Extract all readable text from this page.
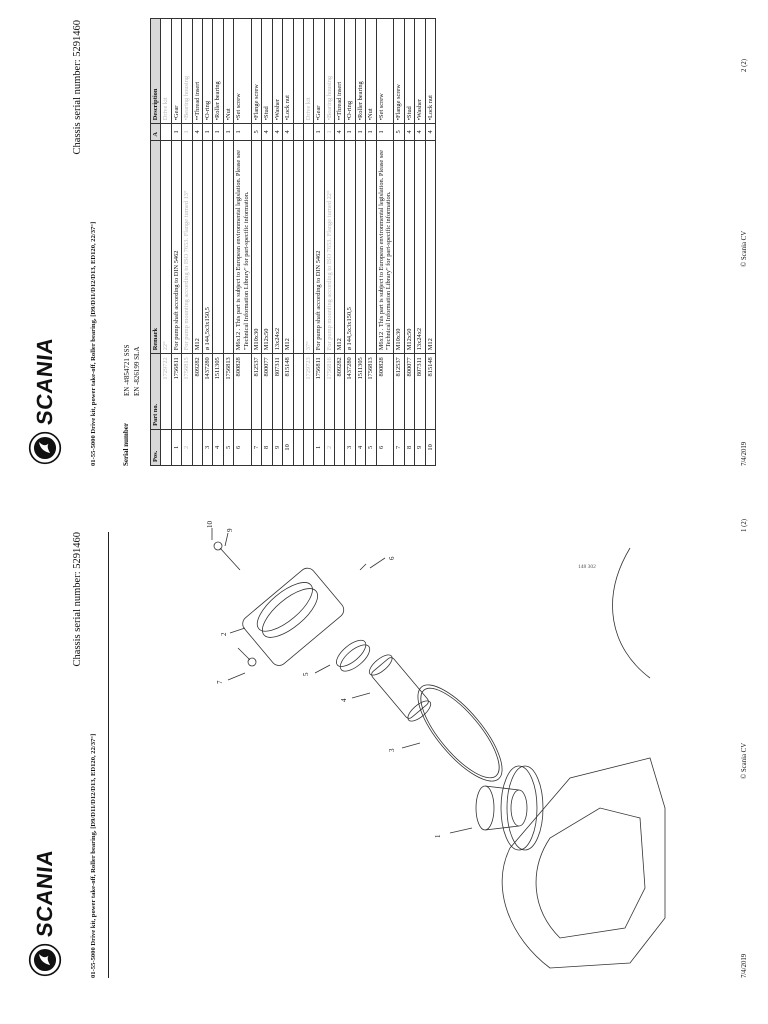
SCANIA
Chassis serial number: 5291460
01-55-5000 Drive kit, power take-off, Roller bearing, [D9/D11/D12/D13, ED120, 22/37°]	1
2
3
4
5
6
7
9
10
148 302
7/4/2019
© Scania CV
1 (2)
SCANIA
Chassis serial number: 5291460
01-55-5000 Drive kit, power take-off, Roller bearing, [D9/D11/D12/D13, ED120, 22/37°]	Serial number
EN -#854721 SSS EN -826199 SLA
Pos.	Part no.	Remark	A	Description
	1729722	22°		Drive kit
1	1756811	For pump shaft according to DIN 5462	1	•Gear
2	1756815	For pump mounting according to ISO 7653. Flange turned 13°	1	•Bearing housing
	809282	M12	4	••Thread insert
3	1437280	ø 144,5x3x150,5	1	•O-ring
4	1511305		1	•Roller bearing
5	1756813		1	•Nut
6	800828	M6x12 . This part is subject to European environmental legislation. Please see "Technical Information Library" for part-specific information.	1	•Set screw
7	812537	M10x30	5	•Flange screw
8	800077	M12x50	4	•Stud
9	807311	13x24x2	4	•Washer
10	815148	M12	4	•Lock nut

	1729723	37°		Drive kit
1	1756811	For pump shaft according to DIN 5462	1	•Gear
2	1756816	For pump mounting according to ISO 7653. Flange turned 22°	1	•Bearing housing
	809282	M12	4	••Thread insert
3	1437280	ø 144,5x3x150,5	1	•O-ring
4	1511305		1	•Roller bearing
5	1756813		1	•Nut
6	800828	M6x12 . This part is subject to European environmental legislation. Please see "Technical Information Library" for part-specific information.	1	•Set screw
7	812537	M10x30	5	•Flange screw
8	800077	M12x50	4	•Stud
9	807311	13x24x2	4	•Washer
10	815148	M12	4	•Lock nut
7/4/2019
© Scania CV
2 (2)
